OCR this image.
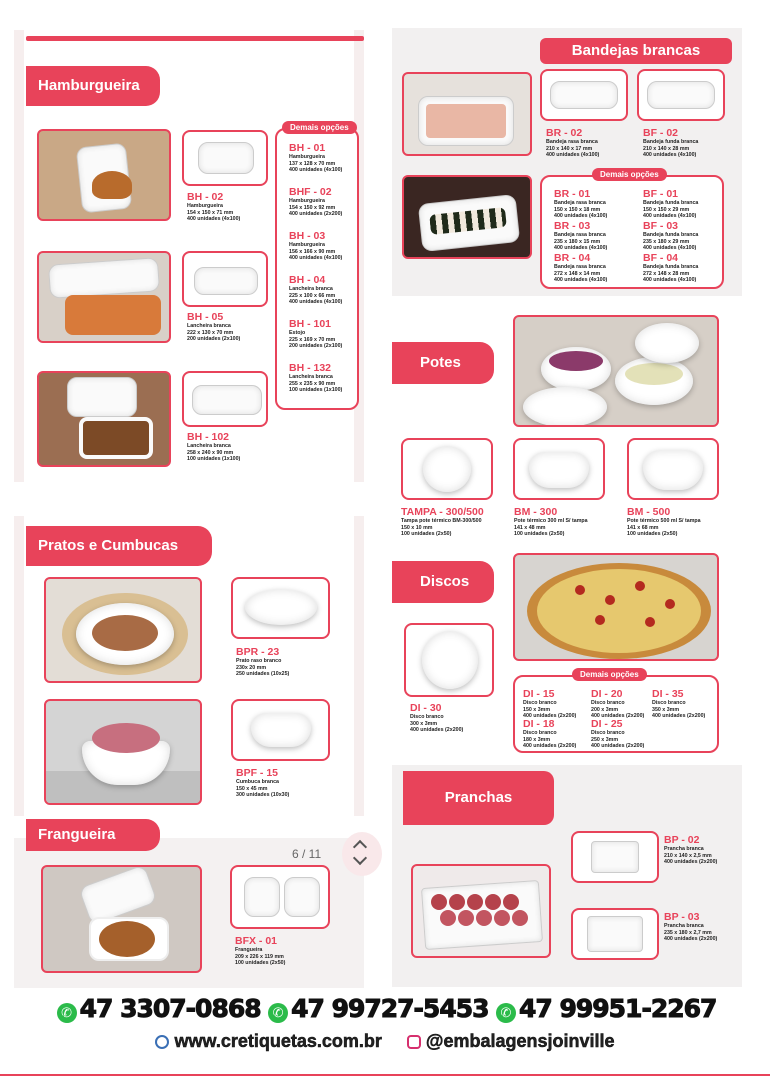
Hamburgueira
BH - 02
Hamburgueira
154 x 150 x 71 mm
400 unidades (4x100)
BH - 05
Lancheira branca
222 x 130 x 70 mm
200 unidades (2x100)
BH - 102
Lancheira branca
258 x 240 x 90 mm
100 unidades (1x100)
Demais opções
BH - 01
Hamburgueira
137 x 128 x 70 mm
400 unidades (4x100)
BHF - 02
Hamburgueira
154 x 150 x 92 mm
400 unidades (2x200)
BH - 03
Hamburgueira
156 x 166 x 90 mm
400 unidades (4x100)
BH - 04
Lancheira branca
225 x 100 x 66 mm
400 unidades (4x100)
BH - 101
Estojo
225 x 169 x 70 mm
200 unidades (2x100)
BH - 132
Lancheira branca
255 x 235 x 90 mm
100 unidades (1x100)
Pratos e Cumbucas
BPR - 23
Prato raso branco
230x 20 mm
250 unidades (10x25)
BPF - 15
Cumbuca branca
150 x 45 mm
300 unidades (10x30)
Frangueira
6 / 11
BFX - 01
Frangueira
209 x 226 x 119 mm
100 unidades (2x50)
Bandejas brancas
BR - 02
Bandeja rasa branca
210 x 140 x 17 mm
400 unidades (4x100)
BF - 02
Bandeja funda branca
210 x 140 x 28 mm
400 unidades (4x100)
Demais opções
BR - 01
Bandeja rasa branca
150 x 150 x 18 mm
400 unidades (4x100)
BF - 01
Bandeja funda branca
150 x 150 x 29 mm
400 unidades (4x100)
BR - 03
Bandeja rasa branca
235 x 180 x 15 mm
400 unidades (4x100)
BF - 03
Bandeja funda branca
235 x 180 x 29 mm
400 unidades (4x100)
BR - 04
Bandeja rasa branca
272 x 148 x 14 mm
400 unidades (4x100)
BF - 04
Bandeja funda branca
272 x 148 x 28 mm
400 unidades (4x100)
Potes
TAMPA - 300/500
Tampa pote térmico BM-300/500
150 x 10 mm
100 unidades (2x50)
BM - 300
Pote térmico 300 ml S/ tampa
141 x 48 mm
100 unidades (2x50)
BM - 500
Pote térmico 500 ml S/ tampa
141 x 68 mm
100 unidades (2x50)
Discos
DI - 30
Disco branco
300 x 3mm
400 unidades (2x200)
Demais opções
DI - 15
Disco branco
150 x 3mm
400 unidades (2x200)
DI - 20
Disco branco
200 x 3mm
400 unidades (2x200)
DI - 35
Disco branco
350 x 3mm
400 unidades (2x200)
DI - 18
Disco branco
180 x 3mm
400 unidades (2x200)
DI - 25
Disco branco
250 x 3mm
400 unidades (2x200)
Pranchas
BP - 02
Prancha branca
210 x 140 x 2,5 mm
400 unidades (2x200)
BP - 03
Prancha branca
235 x 180 x 2,7 mm
400 unidades (2x200)
✆ 47 3307-0868 ✆ 47 99727-5453 ✆ 47 99951-2267
www.cretiquetas.com.br @embalagensjoinville
